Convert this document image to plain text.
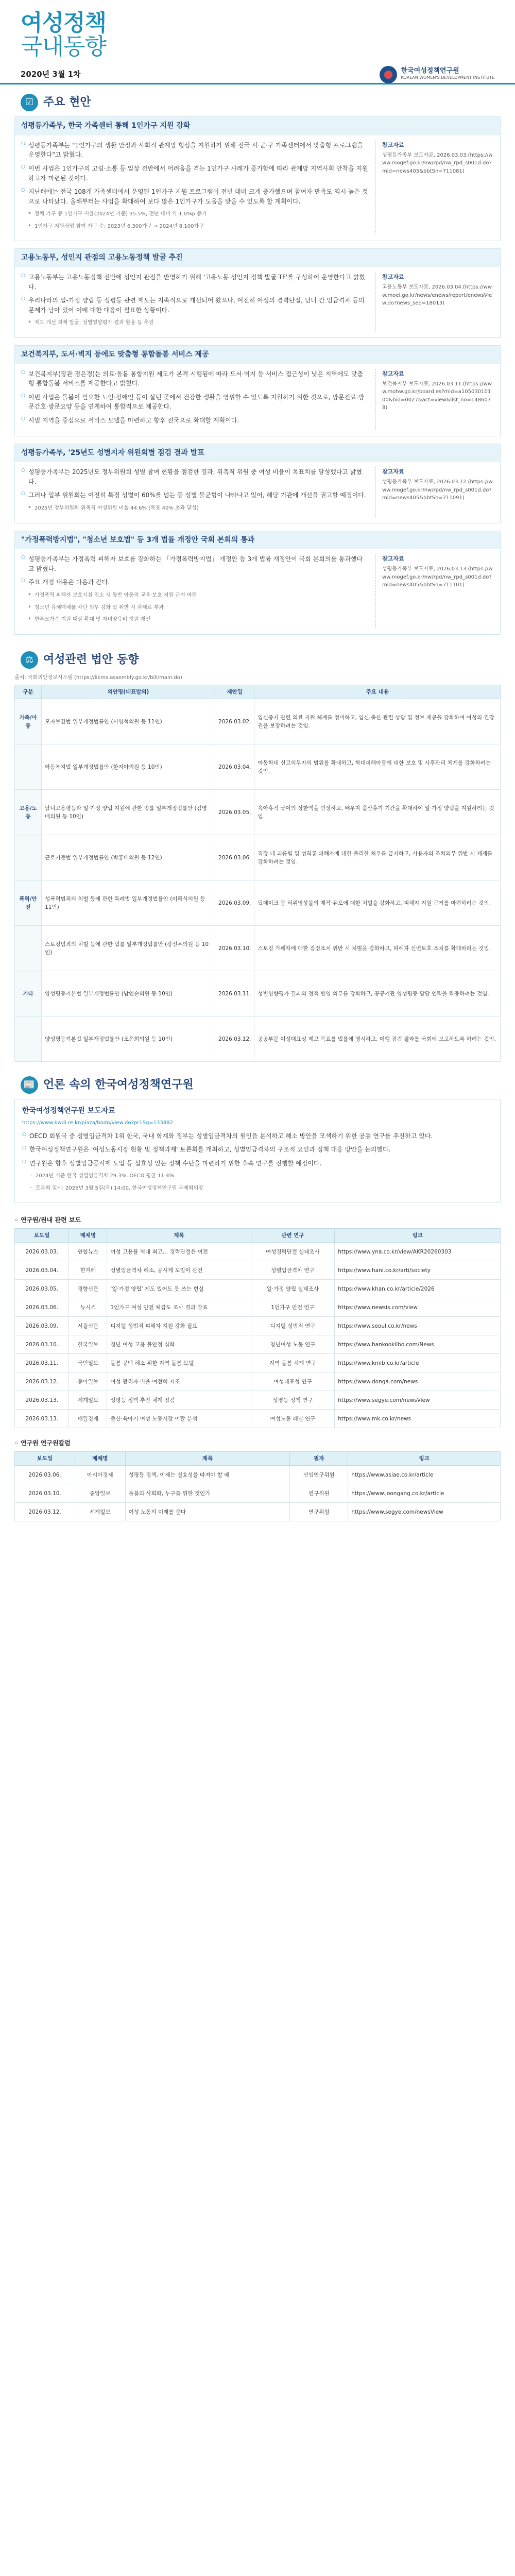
여성정책
국내동향
2020년 3월 1차	한국여성정책연구원
KOREAN WOMEN'S DEVELOPMENT INSTITUTE
☑ 주요 현안
성평등가족부, 한국 가족센터 통해 1인가구 지원 강화

○ 성평등가족부는 "1인가구의 생활 안정과 사회적 관계망 형성을 지원하기 위해 전국 시·군·구 가족센터에서 맞춤형 프로그램을 운영한다"고 밝혔다.

○ 이번 사업은 1인가구의 고립·소통 등 일상 전반에서 어려움을 겪는 1인가구 사례가 증가함에 따라 관계망 지역사회 안착을 지원하고자 마련된 것이다.

○ 지난해에는 전국 108개 가족센터에서 운영된 1인가구 지원 프로그램이 전년 대비 크게 증가했으며 참여자 만족도 역시 높은 것으로 나타났다. 올해부터는 사업을 확대하여 보다 많은 1인가구가 도움을 받을 수 있도록 할 계획이다.

* 전체 가구 중 1인가구 비율(2024년 기준) 35.5%, 전년 대비 약 1.0%p 증가

* 1인가구 지원사업 참여 가구 수: 2023년 6,300가구 → 2024년 8,100가구

참고자료
성평등가족부 보도자료, 2026.03.03.(https://www.mogef.go.kr/nw/rpd/nw_rpd_s001d.do?mid=news405&bbtSn=711081)
고용노동부, 성인지 관점의 고용노동정책 발굴 추진

○ 고용노동부는 고용노동정책 전반에 성인지 관점을 반영하기 위해 '고용노동 성인지 정책 발굴 TF'를 구성하여 운영한다고 밝혔다.

○ 우리나라의 일-가정 양립 등 성평등 관련 제도는 지속적으로 개선되어 왔으나, 여전히 여성의 경력단절, 남녀 간 임금격차 등의 문제가 남아 있어 이에 대한 대응이 필요한 상황이다.

* 제도 개선 과제 발굴, 성별영향평가 결과 활용 등 추진

참고자료
고용노동부 보도자료, 2026.03.04.(https://www.moel.go.kr/news/enews/report/enewsView.do?news_seq=18013)
보건복지부, 도서·벽지 등에도 맞춤형 통합돌봄 서비스 제공

○ 보건복지부(장관 정은경)는 의료·돌봄 통합지원 제도가 본격 시행됨에 따라 도서·벽지 등 서비스 접근성이 낮은 지역에도 맞춤형 통합돌봄 서비스를 제공한다고 밝혔다.

○ 이번 사업은 돌봄이 필요한 노인·장애인 등이 살던 곳에서 건강한 생활을 영위할 수 있도록 지원하기 위한 것으로, 방문진료·방문간호·방문요양 등을 연계하여 통합적으로 제공한다.

○ 시범 지역을 중심으로 서비스 모델을 마련하고 향후 전국으로 확대할 계획이다.

참고자료
보건복지부 보도자료, 2026.03.11.(https://www.mohw.go.kr/board.es?mid=a10503010100&bid=0027&act=view&list_no=1486078)
성평등가족부, '25년도 성별지자 위원회별 점검 결과 발표

○ 성평등가족부는 2025년도 정부위원회 성별 참여 현황을 점검한 결과, 위촉직 위원 중 여성 비율이 목표치를 달성했다고 밝혔다.

○ 그러나 일부 위원회는 여전히 특정 성별이 60%를 넘는 등 성별 불균형이 나타나고 있어, 해당 기관에 개선을 권고할 예정이다.

* 2025년 정부위원회 위촉직 여성위원 비율 44.6% (목표 40% 초과 달성)

참고자료
성평등가족부 보도자료, 2026.03.12.(https://www.mogef.go.kr/nw/rpd/nw_rpd_s001d.do?mid=news405&bbtSn=711091)
"가정폭력방지법", "청소년 보호법" 등 3개 법률 개정안 국회 본회의 통과

○ 성평등가족부는 가정폭력 피해자 보호를 강화하는 「가정폭력방지법」 개정안 등 3개 법률 개정안이 국회 본회의를 통과했다고 밝혔다.

○ 주요 개정 내용은 다음과 같다.

* 가정폭력 피해자 보호시설 입소 시 동반 아동의 교육·보호 지원 근거 마련

* 청소년 유해매체물 차단 의무 강화 및 위반 시 과태료 부과

* 한부모가족 지원 대상 확대 및 자녀양육비 지원 개선

참고자료
성평등가족부 보도자료, 2026.03.13.(https://www.mogef.go.kr/nw/rpd/nw_rpd_s001d.do?mid=news405&bbtSn=711101)
⚖ 여성관련 법안 동향
출처: 국회의안정보시스템 (https://likms.assembly.go.kr/bill/main.do)
구분	의안명(대표발의)	제안일	주요 내용
가족/아동	모자보건법 일부개정법률안 (서영석의원 등 11인)	2026.03.02.	임신중지 관련 의료 지원 체계를 정비하고, 임신·출산 관련 상담 및 정보 제공을 강화하여 여성의 건강권을 보장하려는 것임.
	아동복지법 일부개정법률안 (한지아의원 등 10인)	2026.03.04.	아동학대 신고의무자의 범위를 확대하고, 학대피해아동에 대한 보호 및 사후관리 체계를 강화하려는 것임.
고용/노동	남녀고용평등과 일·가정 양립 지원에 관한 법률 일부개정법률안 (김영배의원 등 10인)	2026.03.05.	육아휴직 급여의 상한액을 인상하고, 배우자 출산휴가 기간을 확대하여 일·가정 양립을 지원하려는 것임.
	근로기준법 일부개정법률안 (박홍배의원 등 12인)	2026.03.06.	직장 내 괴롭힘 및 성희롱 피해자에 대한 불리한 처우를 금지하고, 사용자의 조치의무 위반 시 제재를 강화하려는 것임.
폭력/안전	성폭력범죄의 처벌 등에 관한 특례법 일부개정법률안 (이해식의원 등 11인)	2026.03.09.	딥페이크 등 허위영상물의 제작·유포에 대한 처벌을 강화하고, 피해자 지원 근거를 마련하려는 것임.
	스토킹범죄의 처벌 등에 관한 법률 일부개정법률안 (강선우의원 등 10인)	2026.03.10.	스토킹 가해자에 대한 잠정조치 위반 시 처벌을 강화하고, 피해자 신변보호 조치를 확대하려는 것임.
기타	양성평등기본법 일부개정법률안 (남인순의원 등 10인)	2026.03.11.	성별영향평가 결과의 정책 반영 의무를 강화하고, 공공기관 양성평등 담당 인력을 확충하려는 것임.
	양성평등기본법 일부개정법률안 (조은희의원 등 10인)	2026.03.12.	공공부문 여성대표성 제고 목표를 법률에 명시하고, 이행 점검 결과를 국회에 보고하도록 하려는 것임.
📰 언론 속의 한국여성정책연구원
한국여성정책연구원 보도자료
https://www.kwdi.re.kr/plaza/bodo/view.do?pr1Sq=133882

○ OECD 회원국 중 성별임금격차 1위 한국, 국내 학계와 정부는 성별임금격차의 원인을 분석하고 해소 방안을 모색하기 위한 공동 연구를 추진하고 있다.

○ 한국여성정책연구원은 '여성노동시장 현황 및 정책과제' 토론회를 개최하고, 성별임금격차의 구조적 요인과 정책 대응 방안을 논의했다.

○ 연구원은 향후 성별임금공시제 도입 등 실효성 있는 정책 수단을 마련하기 위한 후속 연구를 진행할 예정이다.

- 2024년 기준 한국 성별임금격차 29.3%, OECD 평균 11.4%

- 토론회 일시: 2026년 3월 5일(목) 14:00, 한국여성정책연구원 국제회의장

◦ 연구원/원내 관련 보도
보도일	매체명	제목	관련 연구	링크
2026.03.03.	연합뉴스	여성 고용률 역대 최고… 경력단절은 여전	여성경력단절 실태조사	https://www.yna.co.kr/view/AKR20260303
2026.03.04.	한겨레	성별임금격차 해소, 공시제 도입이 관건	성별임금격차 연구	https://www.hani.co.kr/arti/society
2026.03.05.	경향신문	'일·가정 양립' 제도 있어도 못 쓰는 현실	일·가정 양립 실태조사	https://www.khan.co.kr/article/2026
2026.03.06.	뉴시스	1인가구 여성 안전 체감도 조사 결과 발표	1인가구 안전 연구	https://www.newsis.com/view
2026.03.09.	서울신문	디지털 성범죄 피해자 지원 강화 필요	디지털 성범죄 연구	https://www.seoul.co.kr/news
2026.03.10.	한국일보	청년 여성 고용 불안정 심화	청년여성 노동 연구	https://www.hankookilbo.com/News
2026.03.11.	국민일보	돌봄 공백 해소 위한 지역 돌봄 모델	지역 돌봄 체계 연구	https://www.kmib.co.kr/article
2026.03.12.	동아일보	여성 관리자 비율 여전히 저조	여성대표성 연구	https://www.donga.com/news
2026.03.13.	세계일보	성평등 정책 추진 체계 점검	성평등 정책 연구	https://www.segye.com/newsView
2026.03.13.	매일경제	출산·육아기 여성 노동시장 이탈 분석	여성노동 패널 연구	https://www.mk.co.kr/news
◦ 연구원 연구원칼럼
보도일	매체명	제목	필자	링크
2026.03.06.	아시아경제	성평등 정책, 이제는 실효성을 따져야 할 때	선임연구위원	https://www.asiae.co.kr/article
2026.03.10.	중앙일보	돌봄의 사회화, 누구를 위한 것인가	연구위원	https://www.joongang.co.kr/article
2026.03.12.	세계일보	여성 노동의 미래를 묻다	연구위원	https://www.segye.com/newsView
